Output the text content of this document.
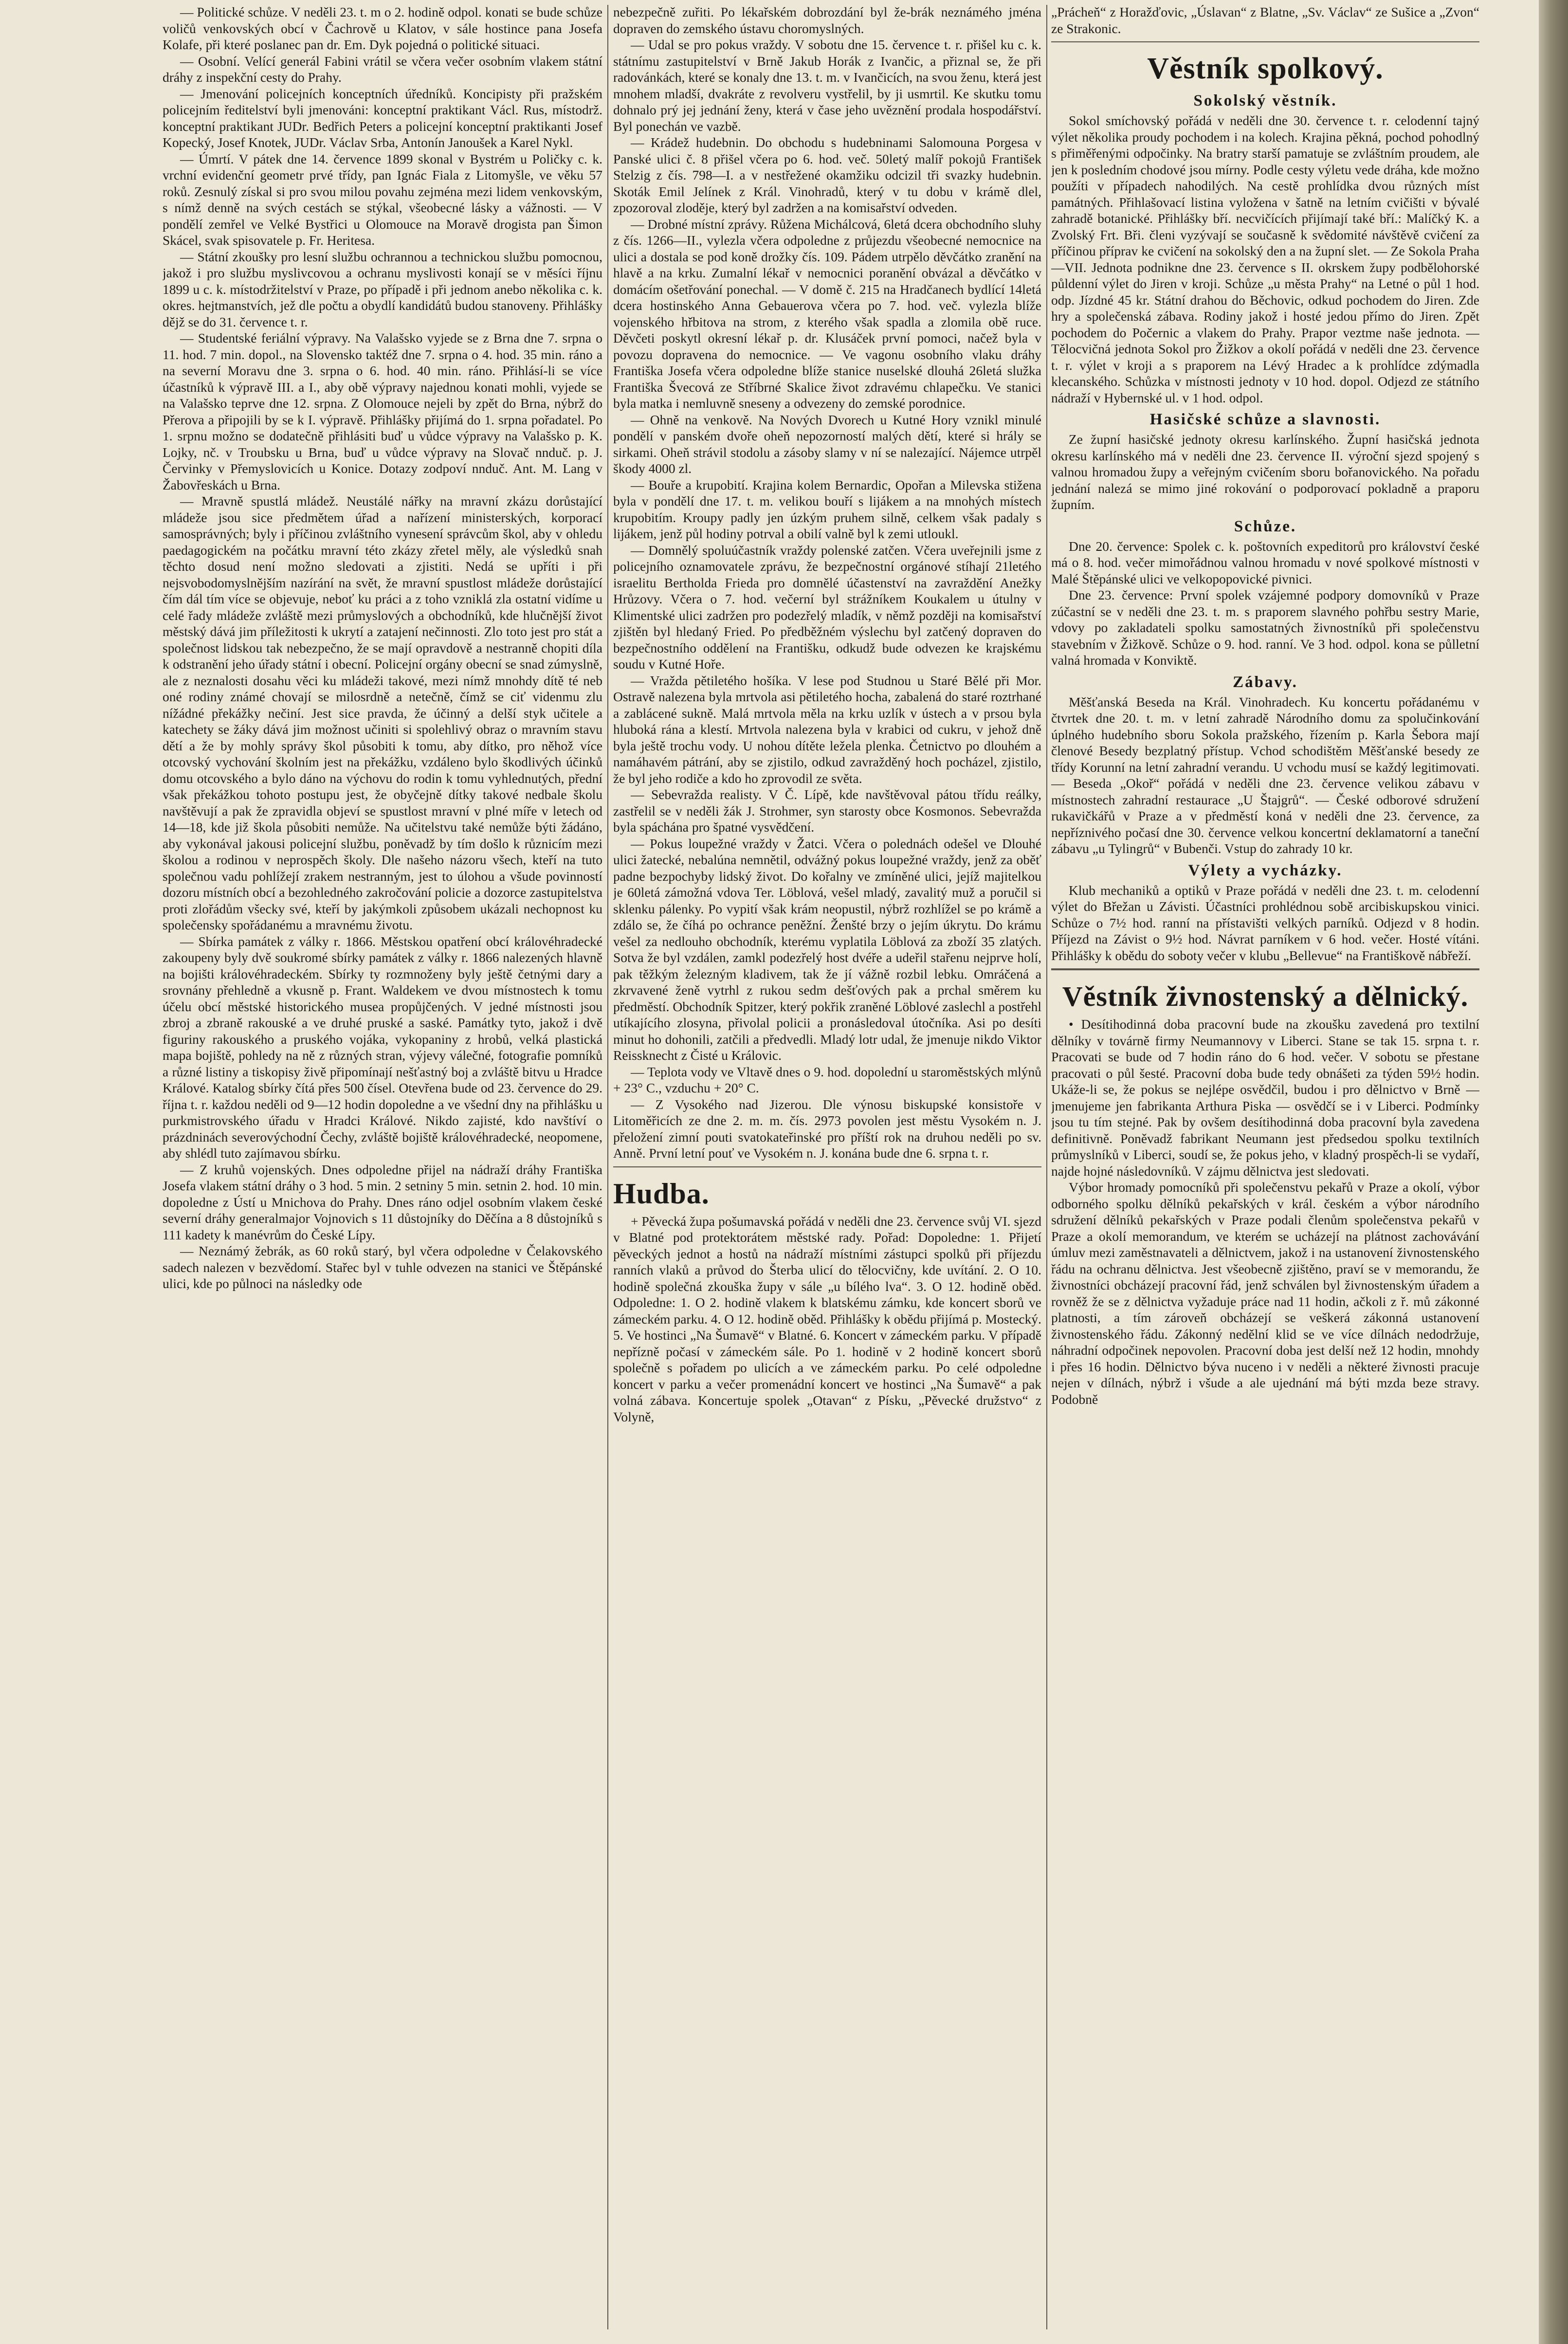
— Politické schůze. V neděli 23. t. m o 2. hodině odpol. konati se bude schůze voličů venkovských obcí v Čachrově u Klatov, v sále hostince pana Josefa Kolafe, při které poslanec pan dr. Em. Dyk pojedná o politické situaci.

— Osobní. Velící generál Fabini vrátil se včera večer osobním vlakem státní dráhy z inspekční cesty do Prahy.

— Jmenování policejních konceptních úředníků. Koncipisty při pražském policejním ředitelství byli jmenováni: konceptní praktikant Václ. Rus, místodrž. konceptní praktikant JUDr. Bedřich Peters a policejní konceptní praktikanti Josef Kopecký, Josef Knotek, JUDr. Václav Srba, Antonín Janoušek a Karel Nykl.

— Úmrtí. V pátek dne 14. července 1899 skonal v Bystrém u Poličky c. k. vrchní evidenční geometr prvé třídy, pan Ignác Fiala z Litomyšle, ve věku 57 roků. Zesnulý získal si pro svou milou povahu zejména mezi lidem venkovským, s nímž denně na svých cestách se stýkal, všeobecné lásky a vážnosti. — V pondělí zemřel ve Velké Bystřici u Olomouce na Moravě drogista pan Šimon Skácel, svak spisovatele p. Fr. Heritesa.

— Státní zkoušky pro lesní službu ochrannou a technickou službu pomocnou, jakož i pro službu myslivcovou a ochranu myslivosti konají se v měsíci říjnu 1899 u c. k. místodržitelství v Praze, po případě i při jednom anebo několika c. k. okres. hejtmanstvích, jež dle počtu a obydlí kandidátů budou stanoveny. Přihlášky dějž se do 31. července t. r.

— Studentské feriální výpravy. Na Valašsko vyjede se z Brna dne 7. srpna o 11. hod. 7 min. dopol., na Slovensko taktéž dne 7. srpna o 4. hod. 35 min. ráno a na severní Moravu dne 3. srpna o 6. hod. 40 min. ráno. Přihlásí-li se více účastníků k výpravě III. a I., aby obě výpravy najednou konati mohli, vyjede se na Valašsko teprve dne 12. srpna. Z Olomouce nejeli by zpět do Brna, nýbrž do Přerova a připojili by se k I. výpravě. Přihlášky přijímá do 1. srpna pořadatel. Po 1. srpnu možno se dodatečně přihlásiti buď u vůdce výpravy na Valašsko p. K. Lojky, nč. v Troubsku u Brna, buď u vůdce výpravy na Slovač nnduč. p. J. Červinky v Přemyslovicích u Konice. Dotazy zodpoví nnduč. Ant. M. Lang v Žabovřeskách u Brna.

— Mravně spustlá mládež. Neustálé nářky na mravní zkázu dorůstající mládeže jsou sice předmětem úřad a nařízení ministerských, korporací samosprávných; byly i příčinou zvláštního vynesení správcům škol, aby v ohledu paedagogickém na počátku mravní této zkázy zřetel měly, ale výsledků snah těchto dosud není možno sledovati a zjistiti. Nedá se upříti i při nejsvobodomyslnějším nazírání na svět, že mravní spustlost mládeže dorůstající čím dál tím více se objevuje, neboť ku práci a z toho vzniklá zla ostatní vidíme u celé řady mládeže zvláště mezi průmyslových a obchodníků, kde hlučnější život městský dává jim příležitosti k ukrytí a zatajení nečinnosti. Zlo toto jest pro stát a společnost lidskou tak nebezpečno, že se mají opravdově a nestranně chopiti díla k odstranění jeho úřady státní i obecní. Policejní orgány obecní se snad zúmyslně, ale z neznalosti dosahu věci ku mládeži takové, mezi nímž mnohdy dítě té neb oné rodiny známé chovají se milosrdně a netečně, čímž se ciť videnmu zlu nížádné překážky nečiní. Jest sice pravda, že účinný a delší styk učitele a katechety se žáky dává jim možnost učiniti si spolehlivý obraz o mravním stavu dětí a že by mohly správy škol působiti k tomu, aby dítko, pro něhož více otcovský vychování školním jest na překážku, vzdáleno bylo škodlivých účinků domu otcovského a bylo dáno na výchovu do rodin k tomu vyhlednutých, přední však překážkou tohoto postupu jest, že obyčejně dítky takové nedbale školu navštěvují a pak že zpravidla objeví se spustlost mravní v plné míře v letech od 14—18, kde již škola působiti nemůže. Na učitelstvu také nemůže býti žádáno, aby vykonával jakousi policejní službu, poněvadž by tím došlo k různicím mezi školou a rodinou v neprospěch školy. Dle našeho názoru všech, kteří na tuto společnou vadu pohlížejí zrakem nestranným, jest to úlohou a všude povinností dozoru místních obcí a bezohledného zakročování policie a dozorce zastupitelstva proti zlořádům všecky své, kteří by jakýmkoli způsobem ukázali nechopnost ku společensky spořádanému a mravnému životu.

— Sbírka památek z války r. 1866. Městskou opatření obcí královéhradecké zakoupeny byly dvě soukromé sbírky památek z války r. 1866 nalezených hlavně na bojišti královéhradeckém. Sbírky ty rozmnoženy byly ještě četnými dary a srovnány přehledně a vkusně p. Frant. Waldekem ve dvou místnostech k tomu účelu obcí městské historického musea propůjčených. V jedné místnosti jsou zbroj a zbraně rakouské a ve druhé pruské a saské. Památky tyto, jakož i dvě figuriny rakouského a pruského vojáka, vykopaniny z hrobů, velká plastická mapa bojiště, pohledy na ně z různých stran, výjevy válečné, fotografie pomníků a různé listiny a tiskopisy živě připomínají nešťastný boj a zvláště bitvu u Hradce Králové. Katalog sbírky čítá přes 500 čísel. Otevřena bude od 23. července do 29. října t. r. každou neděli od 9—12 hodin dopoledne a ve všední dny na přihlášku u purkmistrovského úřadu v Hradci Králové. Nikdo zajisté, kdo navštíví o prázdninách severovýchodní Čechy, zvláště bojiště královéhradecké, neopomene, aby shlédl tuto zajímavou sbírku.

— Z kruhů vojenských. Dnes odpoledne přijel na nádraží dráhy Františka Josefa vlakem státní dráhy o 3 hod. 5 min. 2 setniny 5 min. setnin 2. hod. 10 min. dopoledne z Ústí u Mnichova do Prahy. Dnes ráno odjel osobním vlakem české severní dráhy generalmajor Vojnovich s 11 důstojníky do Děčína a 8 důstojníků s 111 kadety k manévrům do České Lípy.

— Neznámý žebrák, as 60 roků starý, byl včera odpoledne v Čelakovského sadech nalezen v bezvědomí. Stařec byl v tuhle odvezen na stanici ve Štěpánské ulici, kde po půlnoci na následky ode

nebezpečně zuřiti. Po lékařském dobrozdání byl že-brák neznámého jména dopraven do zemského ústavu choromyslných.

— Udal se pro pokus vraždy. V sobotu dne 15. července t. r. přišel ku c. k. státnímu zastupitelství v Brně Jakub Horák z Ivančic, a přiznal se, že při radovánkách, které se konaly dne 13. t. m. v Ivančicích, na svou ženu, která jest mnohem mladší, dvakráte z revolveru vystřelil, by ji usmrtil. Ke skutku tomu dohnalo prý jej jednání ženy, která v čase jeho uvěznění prodala hospodářství. Byl ponechán ve vazbě.

— Krádež hudebnin. Do obchodu s hudebninami Salomouna Porgesa v Panské ulici č. 8 přišel včera po 6. hod. več. 50letý malíř pokojů František Stelzig z čís. 798—I. a v nestřežené okamžiku odcizil tři svazky hudebnin. Skoták Emil Jelínek z Král. Vinohradů, který v tu dobu v krámě dlel, zpozoroval zloděje, který byl zadržen a na komisařství odveden.

— Drobné místní zprávy. Růžena Michálcová, 6letá dcera obchodního sluhy z čís. 1266—II., vylezla včera odpoledne z průjezdu všeobecné nemocnice na ulici a dostala se pod koně drožky čís. 109. Pádem utrpělo děvčátko zranění na hlavě a na krku. Zumalní lékař v nemocnici poranění obvázal a děvčátko v domácím ošetřování ponechal. — V domě č. 215 na Hradčanech bydlící 14letá dcera hostinského Anna Gebauerova včera po 7. hod. več. vylezla blíže vojenského hřbitova na strom, z kterého však spadla a zlomila obě ruce. Děvčeti poskytl okresní lékař p. dr. Klusáček první pomoci, načež byla v povozu dopravena do nemocnice. — Ve vagonu osobního vlaku dráhy Františka Josefa včera odpoledne blíže stanice nuselské dlouhá 26letá služka Františka Švecová ze Stříbrné Skalice život zdravému chlapečku. Ve stanici byla matka i nemluvně sneseny a odvezeny do zemské porodnice.

— Ohně na venkově. Na Nových Dvorech u Kutné Hory vznikl minulé pondělí v panském dvoře oheň nepozorností malých dětí, které si hrály se sirkami. Oheň strávil stodolu a zásoby slamy v ní se nalezající. Nájemce utrpěl škody 4000 zl.

— Bouře a krupobití. Krajina kolem Bernardic, Opořan a Milevska stižena byla v pondělí dne 17. t. m. velikou bouří s lijákem a na mnohých místech krupobitím. Kroupy padly jen úzkým pruhem silně, celkem však padaly s lijákem, jenž půl hodiny potrval a obilí valně byl k zemi utloukl.

— Domnělý spoluúčastník vraždy polenské zatčen. Včera uveřejnili jsme z policejního oznamovatele zprávu, že bezpečnostní orgánové stíhají 21letého israelitu Bertholda Frieda pro domnělé účastenství na zavraždění Anežky Hrůzovy. Včera o 7. hod. večerní byl strážníkem Koukalem u útulny v Klimentské ulici zadržen pro podezřelý mladík, v němž později na komisařství zjištěn byl hledaný Fried. Po předběžném výslechu byl zatčený dopraven do bezpečnostního oddělení na Františku, odkudž bude odvezen ke krajskému soudu v Kutné Hoře.

— Vražda pětiletého hošíka. V lese pod Studnou u Staré Bělé při Mor. Ostravě nalezena byla mrtvola asi pětiletého hocha, zabalená do staré roztrhané a zablácené sukně. Malá mrtvola měla na krku uzlík v ústech a v prsou byla hluboká rána a klestí. Mrtvola nalezena byla v krabici od cukru, v jehož dně byla ještě trochu vody. U nohou dítěte ležela plenka. Četnictvo po dlouhém a namáhavém pátrání, aby se zjistilo, odkud zavražděný hoch pocházel, zjistilo, že byl jeho rodiče a kdo ho zprovodil ze světa.

— Sebevražda realisty. V Č. Lípě, kde navštěvoval pátou třídu reálky, zastřelil se v neděli žák J. Strohmer, syn starosty obce Kosmonos. Sebevražda byla spáchána pro špatné vysvědčení.

— Pokus loupežné vraždy v Žatci. Včera o polednách odešel ve Dlouhé ulici žatecké, nebalúna nemnětil, odvážný pokus loupežné vraždy, jenž za oběť padne bezpochyby lidský život. Do kořalny ve zmíněné ulici, jejíž majitelkou je 60letá zámožná vdova Ter. Löblová, vešel mladý, zavalitý muž a poručil si sklenku pálenky. Po vypití však krám neopustil, nýbrž rozhlížel se po krámě a zdálo se, že číhá po ochrance peněžní. Ženšté brzy o jejím úkrytu. Do krámu vešel za nedlouho obchodník, kterému vyplatila Löblová za zboží 35 zlatých. Sotva že byl vzdálen, zamkl podezřelý host dvéře a udeřil stařenu nejprve holí, pak těžkým železným kladivem, tak že jí vážně rozbil lebku. Omráčená a zkrvavené ženě vytrhl z rukou sedm dešťových pak a prchal směrem ku předměstí. Obchodník Spitzer, který pokřik zraněné Löblové zaslechl a postřehl utíkajícího zlosyna, přivolal policii a pronásledoval útočníka. Asi po desíti minut ho dohonili, zatčili a předvedli. Mladý lotr udal, že jmenuje nikdo Viktor Reissknecht z Čisté u Královic.

— Teplota vody ve Vltavě dnes o 9. hod. dopolední u staroměstských mlýnů + 23° C., vzduchu + 20° C.

— Z Vysokého nad Jizerou. Dle výnosu biskupské konsistoře v Litoměřicích ze dne 2. m. m. čís. 2973 povolen jest městu Vysokém n. J. přeložení zimní pouti svatokateřinské pro příští rok na druhou neděli po sv. Anně. První letní pouť ve Vysokém n. J. konána bude dne 6. srpna t. r.

Hudba.

+ Pěvecká župa pošumavská pořádá v neděli dne 23. července svůj VI. sjezd v Blatné pod protektorátem městské rady. Pořad: Dopoledne: 1. Přijetí pěveckých jednot a hostů na nádraží místními zástupci spolků při příjezdu ranních vlaků a průvod do Šterba ulicí do tělocvičny, kde uvítání. 2. O 10. hodině společná zkouška župy v sále „u bílého lva“. 3. O 12. hodině oběd. Odpoledne: 1. O 2. hodině vlakem k blatskému zámku, kde koncert sborů ve zámeckém parku. 4. O 12. hodině oběd. Přihlášky k obědu přijímá p. Mostecký. 5. Ve hostinci „Na Šumavě“ v Blatné. 6. Koncert v zámeckém parku. V případě nepřízně počasí v zámeckém sále. Po 1. hodině v 2 hodině koncert sborů společně s pořadem po ulicích a ve zámeckém parku. Po celé odpoledne koncert v parku a večer promenádní koncert ve hostinci „Na Šumavě“ a pak volná zábava. Koncertuje spolek „Otavan“ z Písku, „Pěvecké družstvo“ z Volyně,

„Prácheň“ z Horažďovic, „Úslavan“ z Blatne, „Sv. Václav“ ze Sušice a „Zvon“ ze Strakonic.

Věstník spolkový.
Sokolský věstník.

Sokol smíchovský pořádá v neděli dne 30. července t. r. celodenní tajný výlet několika proudy pochodem i na kolech. Krajina pěkná, pochod pohodlný s přiměřenými odpočinky. Na bratry starší pamatuje se zvláštním proudem, ale jen k posledním chodové jsou mírny. Podle cesty výletu vede dráha, kde možno použíti v případech nahodilých. Na cestě prohlídka dvou různých míst památných. Přihlašovací listina vyložena v šatně na letním cvičišti v bývalé zahradě botanické. Přihlášky bří. necvičících přijímají také bří.: Malíčký K. a Zvolský Frt. Bři. členi vyzývají se současně k svědomité návštěvě cvičení za příčinou příprav ke cvičení na sokolský den a na župní slet. — Ze Sokola Praha—VII. Jednota podnikne dne 23. července s II. okrskem župy podbělohorské půldenní výlet do Jiren v kroji. Schůze „u města Prahy“ na Letné o půl 1 hod. odp. Jízdné 45 kr. Státní drahou do Běchovic, odkud pochodem do Jiren. Zde hry a společenská zábava. Rodiny jakož i hosté jedou přímo do Jiren. Zpět pochodem do Počernic a vlakem do Prahy. Prapor veztme naše jednota. — Tělocvičná jednota Sokol pro Žižkov a okolí pořádá v neděli dne 23. července t. r. výlet v kroji a s praporem na Lévý Hradec a k prohlídce zdýmadla klecanského. Schůzka v místnosti jednoty v 10 hod. dopol. Odjezd ze státního nádraží v Hybernské ul. v 1 hod. odpol.

Hasičské schůze a slavnosti.

Ze župní hasičské jednoty okresu karlínského. Župní hasičská jednota okresu karlínského má v neděli dne 23. července II. výroční sjezd spojený s valnou hromadou župy a veřejným cvičením sboru bořanovického. Na pořadu jednání nalezá se mimo jiné rokování o podporovací pokladně a praporu župním.

Schůze.

Dne 20. července: Spolek c. k. poštovních expeditorů pro království české má o 8. hod. večer mimořádnou valnou hromadu v nové spolkové místnosti v Malé Štěpánské ulici ve velkopopovické pivnici.

Dne 23. července: První spolek vzájemné podpory domovníků v Praze zúčastní se v neděli dne 23. t. m. s praporem slavného pohřbu sestry Marie, vdovy po zakladateli spolku samostatných živnostníků při společenstvu stavebním v Žižkově. Schůze o 9. hod. ranní. Ve 3 hod. odpol. kona se půlletní valná hromada v Konviktě.

Zábavy.

Měšťanská Beseda na Král. Vinohradech. Ku koncertu pořádanému v čtvrtek dne 20. t. m. v letní zahradě Národního domu za spolučinkování úplného hudebního sboru Sokola pražského, řízením p. Karla Šebora mají členové Besedy bezplatný přístup. Vchod schodištěm Měšťanské besedy ze třídy Korunní na letní zahradní verandu. U vchodu musí se každý legitimovati. — Beseda „Okoř“ pořádá v neděli dne 23. července velikou zábavu v místnostech zahradní restaurace „U Štajgrů“. — České odborové sdružení rukavičkářů v Praze a v předměstí koná v neděli dne 23. července, za nepříznivého počasí dne 30. července velkou koncertní deklamatorní a taneční zábavu „u Tylingrů“ v Bubenči. Vstup do zahrady 10 kr.

Výlety a vycházky.

Klub mechaniků a optiků v Praze pořádá v neděli dne 23. t. m. celodenní výlet do Břežan u Závisti. Účastníci prohlédnou sobě arcibiskupskou vinici. Schůze o 7½ hod. ranní na přístavišti velkých parníků. Odjezd v 8 hodin. Příjezd na Závist o 9½ hod. Návrat parníkem v 6 hod. večer. Hosté vítáni. Přihlášky k obědu do soboty večer v klubu „Bellevue“ na Františkově nábřeží.

Věstník živnostenský a dělnický.

• Desítihodinná doba pracovní bude na zkoušku zavedená pro textilní dělníky v továrně firmy Neumannovy v Liberci. Stane se tak 15. srpna t. r. Pracovati se bude od 7 hodin ráno do 6 hod. večer. V sobotu se přestane pracovati o půl šesté. Pracovní doba bude tedy obnášeti za týden 59½ hodin. Ukáže-li se, že pokus se nejlépe osvědčil, budou i pro dělnictvo v Brně — jmenujeme jen fabrikanta Arthura Piska — osvědčí se i v Liberci. Podmínky jsou tu tím stejné. Pak by ovšem desítihodinná doba pracovní byla zavedena definitivně. Poněvadž fabrikant Neumann jest předsedou spolku textilních průmyslníků v Liberci, soudí se, že pokus jeho, v kladný prospěch-li se vydaří, najde hojné následovníků. V zájmu dělnictva jest sledovati.

Výbor hromady pomocníků při společenstvu pekařů v Praze a okolí, výbor odborného spolku dělníků pekařských v král. českém a výbor národního sdružení dělníků pekařských v Praze podali členům společenstva pekařů v Praze a okolí memorandum, ve kterém se ucházejí na plátnost zachovávání úmluv mezi zaměstnavateli a dělnictvem, jakož i na ustanovení živnostenského řádu na ochranu dělnictva. Jest všeobecně zjištěno, praví se v memorandu, že živnostníci obcházejí pracovní řád, jenž schválen byl živnostenským úřadem a rovněž že se z dělnictva vyžaduje práce nad 11 hodin, ačkoli z ř. mů zákonné platnosti, a tím zároveň obcházejí se veškerá zákonná ustanovení živnostenského řádu. Zákonný nedělní klid se ve více dílnách nedodržuje, náhradní odpočinek nepovolen. Pracovní doba jest delší než 12 hodin, mnohdy i přes 16 hodin. Dělnictvo býva nuceno i v neděli a některé živnosti pracuje nejen v dílnách, nýbrž i všude a ale ujednání má býti mzda beze stravy. Podobně
